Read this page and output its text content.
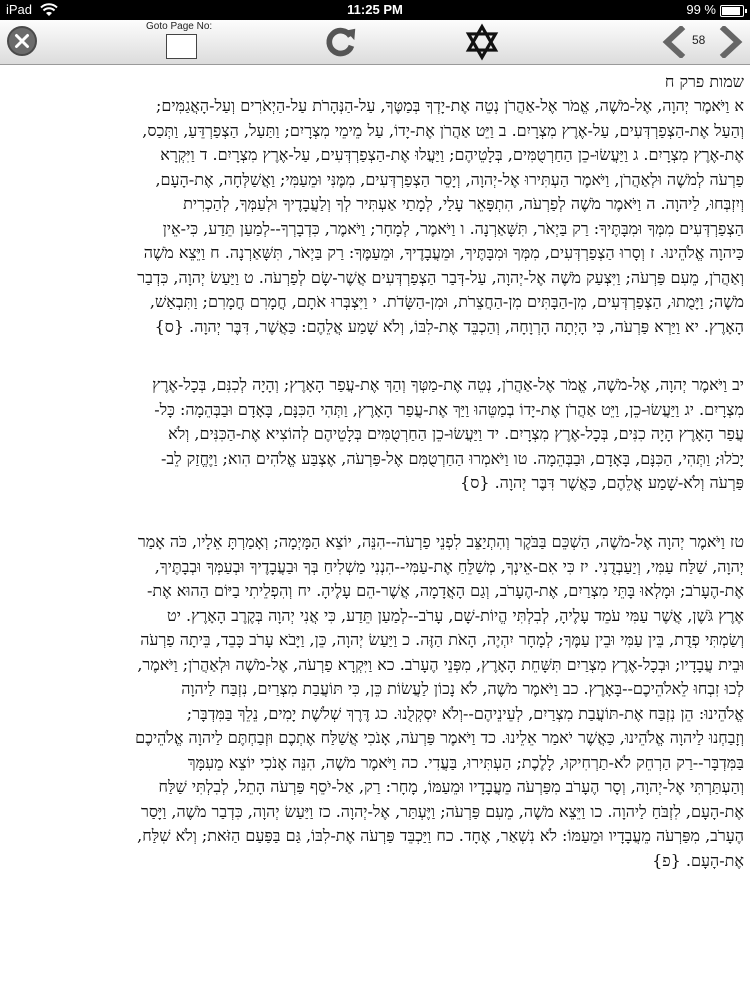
iPad	11:25 PM	99 %
Goto Page No:
58
שמות פרק ח
א וַיֹּאמֶר יְהוָה, אֶל-מֹשֶׁה, אֱמֹר אֶל-אַהֲרֹן נְטֵה אֶת-יָדְךָ בְּמַטֶּךָ, עַל-הַנְּהָרֹת עַל-הַיְאֹרִים וְעַל-הָאֲגַמִּים;
וְהַעַל אֶת-הַצְפַרְדְּעִים, עַל-אֶרֶץ מִצְרָיִם. ב וַיֵּט אַהֲרֹן אֶת-יָדוֹ, עַל מֵימֵי מִצְרָיִם; וַתַּעַל, הַצְפַרְדֵּעַ, וַתְּכַס,
אֶת-אֶרֶץ מִצְרָיִם. ג וַיַּעֲשׂוּ-כֵן הַחַרְטֻמִּים, בְּלָטֵיהֶם; וַיַּעֲלוּ אֶת-הַצְפַרְדְּעִים, עַל-אֶרֶץ מִצְרָיִם. ד וַיִּקְרָא
פַרְעֹה לְמֹשֶׁה וּלְאַהֲרֹן, וַיֹּאמֶר הַעְתִּירוּ אֶל-יְהוָה, וְיָסֵר הַצְפַרְדְּעִים, מִמֶּנִּי וּמֵעַמִּי; וַאֲשַׁלְּחָה, אֶת-הָעָם,
וְיִזְבְּחוּ, לַיהוָה. ה וַיֹּאמֶר מֹשֶׁה לְפַרְעֹה, הִתְפָּאֵר עָלַי, לְמָתַי אַעְתִּיר לְךָ וְלַעֲבָדֶיךָ וּלְעַמְּךָ, לְהַכְרִית
הַצְפַרְדְּעִים מִמְּךָ וּמִבָּתֶּיךָ: רַק בַּיְאֹר, תִּשָּׁאַרְנָה. ו וַיֹּאמֶר, לְמָחָר; וַיֹּאמֶר, כִּדְבָרְךָ--לְמַעַן תֵּדַע, כִּי-אֵין
כַּיהוָה אֱלֹהֵינוּ. ז וְסָרוּ הַצְפַרְדְּעִים, מִמְּךָ וּמִבָּתֶּיךָ, וּמֵעֲבָדֶיךָ, וּמֵעַמֶּךָ: רַק בַּיְאֹר, תִּשָּׁאַרְנָה. ח וַיֵּצֵא מֹשֶׁה
וְאַהֲרֹן, מֵעִם פַּרְעֹה; וַיִּצְעַק מֹשֶׁה אֶל-יְהוָה, עַל-דְּבַר הַצְפַרְדְּעִים אֲשֶׁר-שָׂם לְפַרְעֹה. ט וַיַּעַשׂ יְהוָה, כִּדְבַר
מֹשֶׁה; וַיָּמֻתוּ, הַצְפַרְדְּעִים, מִן-הַבָּתִּים מִן-הַחֲצֵרֹת, וּמִן-הַשָּׂדֹת. י וַיִּצְבְּרוּ אֹתָם, חֳמָרִם חֳמָרִם; וַתִּבְאַשׁ,
הָאָרֶץ. יא וַיַּרְא פַּרְעֹה, כִּי הָיְתָה הָרְוָחָה, וְהַכְבֵּד אֶת-לִבּוֹ, וְלֹא שָׁמַע אֲלֵהֶם: כַּאֲשֶׁר, דִּבֶּר יְהוָה. {ס}
יב וַיֹּאמֶר יְהוָה, אֶל-מֹשֶׁה, אֱמֹר אֶל-אַהֲרֹן, נְטֵה אֶת-מַטְּךָ וְהַךְ אֶת-עֲפַר הָאָרֶץ; וְהָיָה לְכִנִּם, בְּכָל-אֶרֶץ
מִצְרָיִם. יג וַיַּעֲשׂוּ-כֵן, וַיֵּט אַהֲרֹן אֶת-יָדוֹ בְמַטֵּהוּ וַיַּךְ אֶת-עֲפַר הָאָרֶץ, וַתְּהִי הַכִּנָּם, בָּאָדָם וּבַבְּהֵמָה: כָּל-
עֲפַר הָאָרֶץ הָיָה כִנִּים, בְּכָל-אֶרֶץ מִצְרָיִם. יד וַיַּעֲשׂוּ-כֵן הַחַרְטֻמִּים בְּלָטֵיהֶם לְהוֹצִיא אֶת-הַכִּנִּים, וְלֹא
יָכֹלוּ; וַתְּהִי, הַכִּנָּם, בָּאָדָם, וּבַבְּהֵמָה. טו וַיֹּאמְרוּ הַחַרְטֻמִּם אֶל-פַּרְעֹה, אֶצְבַּע אֱלֹהִים הִוא; וַיֶּחֱזַק לֵב-
פַּרְעֹה וְלֹא-שָׁמַע אֲלֵהֶם, כַּאֲשֶׁר דִּבֶּר יְהוָה. {ס}
טז וַיֹּאמֶר יְהוָה אֶל-מֹשֶׁה, הַשְׁכֵּם בַּבֹּקֶר וְהִתְיַצֵּב לִפְנֵי פַרְעֹה--הִנֵּה, יוֹצֵא הַמָּיְמָה; וְאָמַרְתָּ אֵלָיו, כֹּה אָמַר
יְהוָה, שַׁלַּח עַמִּי, וְיַעַבְדֻנִי. יז כִּי אִם-אֵינְךָ, מְשַׁלֵּחַ אֶת-עַמִּי--הִנְנִי מַשְׁלִיחַ בְּךָ וּבַעֲבָדֶיךָ וּבְעַמְּךָ וּבְבָתֶּיךָ,
אֶת-הֶעָרֹב; וּמָלְאוּ בָּתֵּי מִצְרַיִם, אֶת-הֶעָרֹב, וְגַם הָאֲדָמָה, אֲשֶׁר-הֵם עָלֶיהָ. יח וְהִפְלֵיתִי בַיּוֹם הַהוּא אֶת-
אֶרֶץ גֹּשֶׁן, אֲשֶׁר עַמִּי עֹמֵד עָלֶיהָ, לְבִלְתִּי הֱיוֹת-שָׁם, עָרֹב--לְמַעַן תֵּדַע, כִּי אֲנִי יְהוָה בְּקֶרֶב הָאָרֶץ. יט
וְשַׂמְתִּי פְדֻת, בֵּין עַמִּי וּבֵין עַמֶּךָ; לְמָחָר יִהְיֶה, הָאֹת הַזֶּה. כ וַיַּעַשׂ יְהוָה, כֵּן, וַיָּבֹא עָרֹב כָּבֵד, בֵּיתָה פַרְעֹה
וּבֵית עֲבָדָיו; וּבְכָל-אֶרֶץ מִצְרַיִם תִּשָּׁחֵת הָאָרֶץ, מִפְּנֵי הֶעָרֹב. כא וַיִּקְרָא פַרְעֹה, אֶל-מֹשֶׁה וּלְאַהֲרֹן; וַיֹּאמֶר,
לְכוּ זִבְחוּ לֵאלֹהֵיכֶם--בָּאָרֶץ. כב וַיֹּאמֶר מֹשֶׁה, לֹא נָכוֹן לַעֲשׂוֹת כֵּן, כִּי תּוֹעֲבַת מִצְרַיִם, נִזְבַּח לַיהוָה
אֱלֹהֵינוּ: הֵן נִזְבַּח אֶת-תּוֹעֲבַת מִצְרַיִם, לְעֵינֵיהֶם--וְלֹא יִסְקְלֻנוּ. כג דֶּרֶךְ שְׁלֹשֶׁת יָמִים, נֵלֵךְ בַּמִּדְבָּר;
וְזָבַחְנוּ לַיהוָה אֱלֹהֵינוּ, כַּאֲשֶׁר יֹאמַר אֵלֵינוּ. כד וַיֹּאמֶר פַּרְעֹה, אָנֹכִי אֲשַׁלַּח אֶתְכֶם וּזְבַחְתֶּם לַיהוָה אֱלֹהֵיכֶם
בַּמִּדְבָּר--רַק הַרְחֵק לֹא-תַרְחִיקוּ, לָלֶכֶת; הַעְתִּירוּ, בַּעֲדִי. כה וַיֹּאמֶר מֹשֶׁה, הִנֵּה אָנֹכִי יוֹצֵא מֵעִמָּךְ
וְהַעְתַּרְתִּי אֶל-יְהוָה, וְסָר הֶעָרֹב מִפַּרְעֹה מֵעֲבָדָיו וּמֵעַמּוֹ, מָחָר: רַק, אַל-יֹסֵף פַּרְעֹה הָתֵל, לְבִלְתִּי שַׁלַּח
אֶת-הָעָם, לִזְבֹּחַ לַיהוָה. כו וַיֵּצֵא מֹשֶׁה, מֵעִם פַּרְעֹה; וַיֶּעְתַּר, אֶל-יְהוָה. כז וַיַּעַשׂ יְהוָה, כִּדְבַר מֹשֶׁה, וַיָּסַר
הֶעָרֹב, מִפַּרְעֹה מֵעֲבָדָיו וּמֵעַמּוֹ: לֹא נִשְׁאַר, אֶחָד. כח וַיַּכְבֵּד פַּרְעֹה אֶת-לִבּוֹ, גַּם בַּפַּעַם הַזֹּאת; וְלֹא שִׁלַּח,
אֶת-הָעָם. {פ}
